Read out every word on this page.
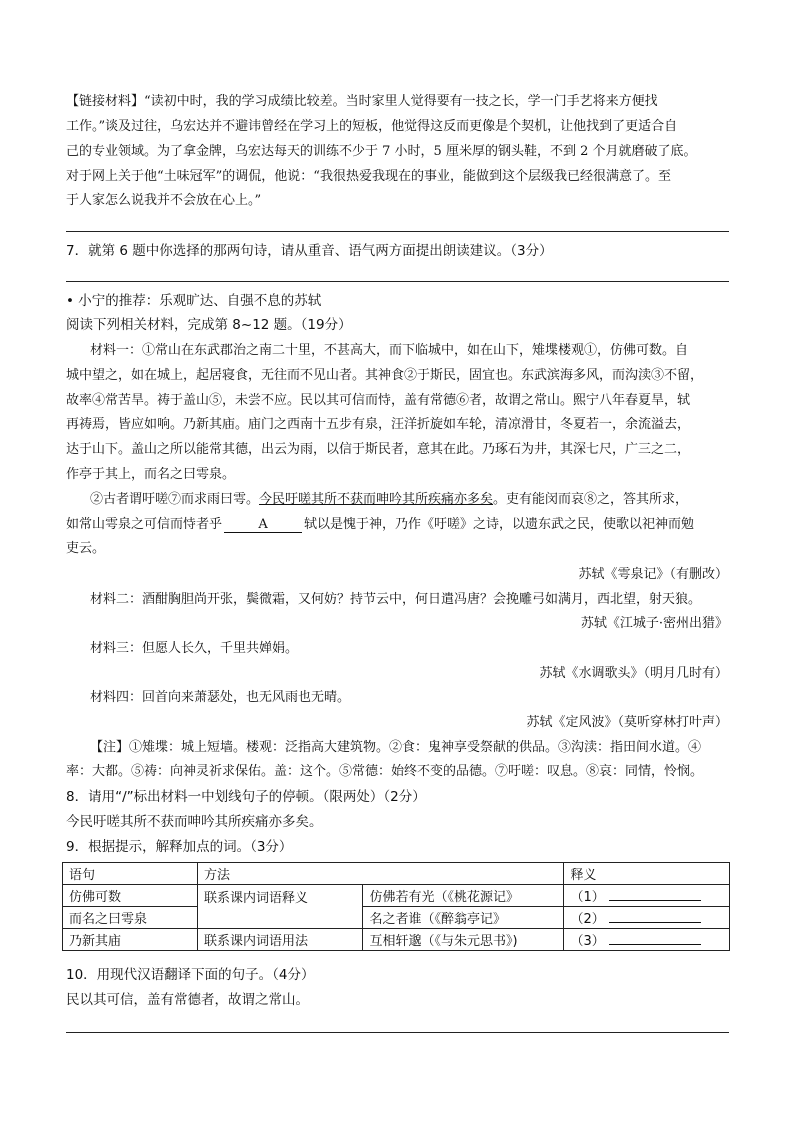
【链接材料】“读初中时，我的学习成绩比较差。当时家里人觉得要有一技之长，学一门手艺将来方便找
工作。”谈及过往，乌宏达并不避讳曾经在学习上的短板，他觉得这反而更像是个契机，让他找到了更适合自
己的专业领域。为了拿金牌，乌宏达每天的训练不少于 7 小时，5 厘米厚的钢头鞋，不到 2 个月就磨破了底。
对于网上关于他“土味冠军”的调侃，他说：“我很热爱我现在的事业，能做到这个层级我已经很满意了。至
于人家怎么说我并不会放在心上。”
7．就第 6 题中你选择的那两句诗，请从重音、语气两方面提出朗读建议。（3分）
• 小宁的推荐：乐观旷达、自强不息的苏轼
阅读下列相关材料，完成第 8~12 题。（19分）
材料一：①常山在东武郡治之南二十里，不甚高大，而下临城中，如在山下，雉堞楼观①，仿佛可数。自
城中望之，如在城上，起居寝食，无往而不见山者。其神食②于斯民，固宜也。东武滨海多风，而沟渎③不留，
故率④常苦旱。祷于盖山⑤，未尝不应。民以其可信而恃，盖有常德⑥者，故谓之常山。熙宁八年春夏旱，轼
再祷焉，皆应如响。乃新其庙。庙门之西南十五步有泉，汪洋折旋如车轮，清凉滑甘，冬夏若一，余流溢去，
达于山下。盖山之所以能常其德，出云为雨，以信于斯民者，意其在此。乃琢石为井，其深七尺，广三之二，
作亭于其上，而名之曰雩泉。
②古者谓吁嗟⑦而求雨曰雩。今民吁嗟其所不获而呻吟其所疾痛亦多矣。吏有能闵而哀⑧之，答其所求，
如常山雩泉之可信而恃者乎	A	轼以是愧于神，乃作《吁嗟》之诗，以遗东武之民，使歌以祀神而勉
吏云。
苏轼《雩泉记》（有删改）
材料二：酒酣胸胆尚开张，鬓微霜，又何妨？持节云中，何日遣冯唐？会挽雕弓如满月，西北望，射天狼。
苏轼《江城子·密州出猎》
材料三：但愿人长久，千里共婵娟。
苏轼《水调歌头》（明月几时有）
材料四：回首向来萧瑟处，也无风雨也无晴。
苏轼《定风波》（莫听穿林打叶声）
【注】①雉堞：城上短墙。楼观：泛指高大建筑物。②食：鬼神享受祭献的供品。③沟渎：指田间水道。④
率：大都。⑤祷：向神灵祈求保佑。盖：这个。⑤常德：始终不变的品德。⑦吁嗟：叹息。⑧哀：同情，怜悯。
8．请用“/”标出材料一中划线句子的停顿。（限两处）（2分）
今民吁嗟其所不获而呻吟其所疾痛亦多矣。
9．根据提示，解释加点的词。（3分）
语句	方法		释义
仿佛可数	联系课内词语释义	仿佛若有光（《桃花源记》	（1）
而名之曰雩泉		名之者谁（《醉翁亭记》	（2）
乃新其庙	联系课内词语用法	互相轩邈（《与朱元思书》)	（3）
10．用现代汉语翻译下面的句子。（4分）
民以其可信，盖有常德者，故谓之常山。
